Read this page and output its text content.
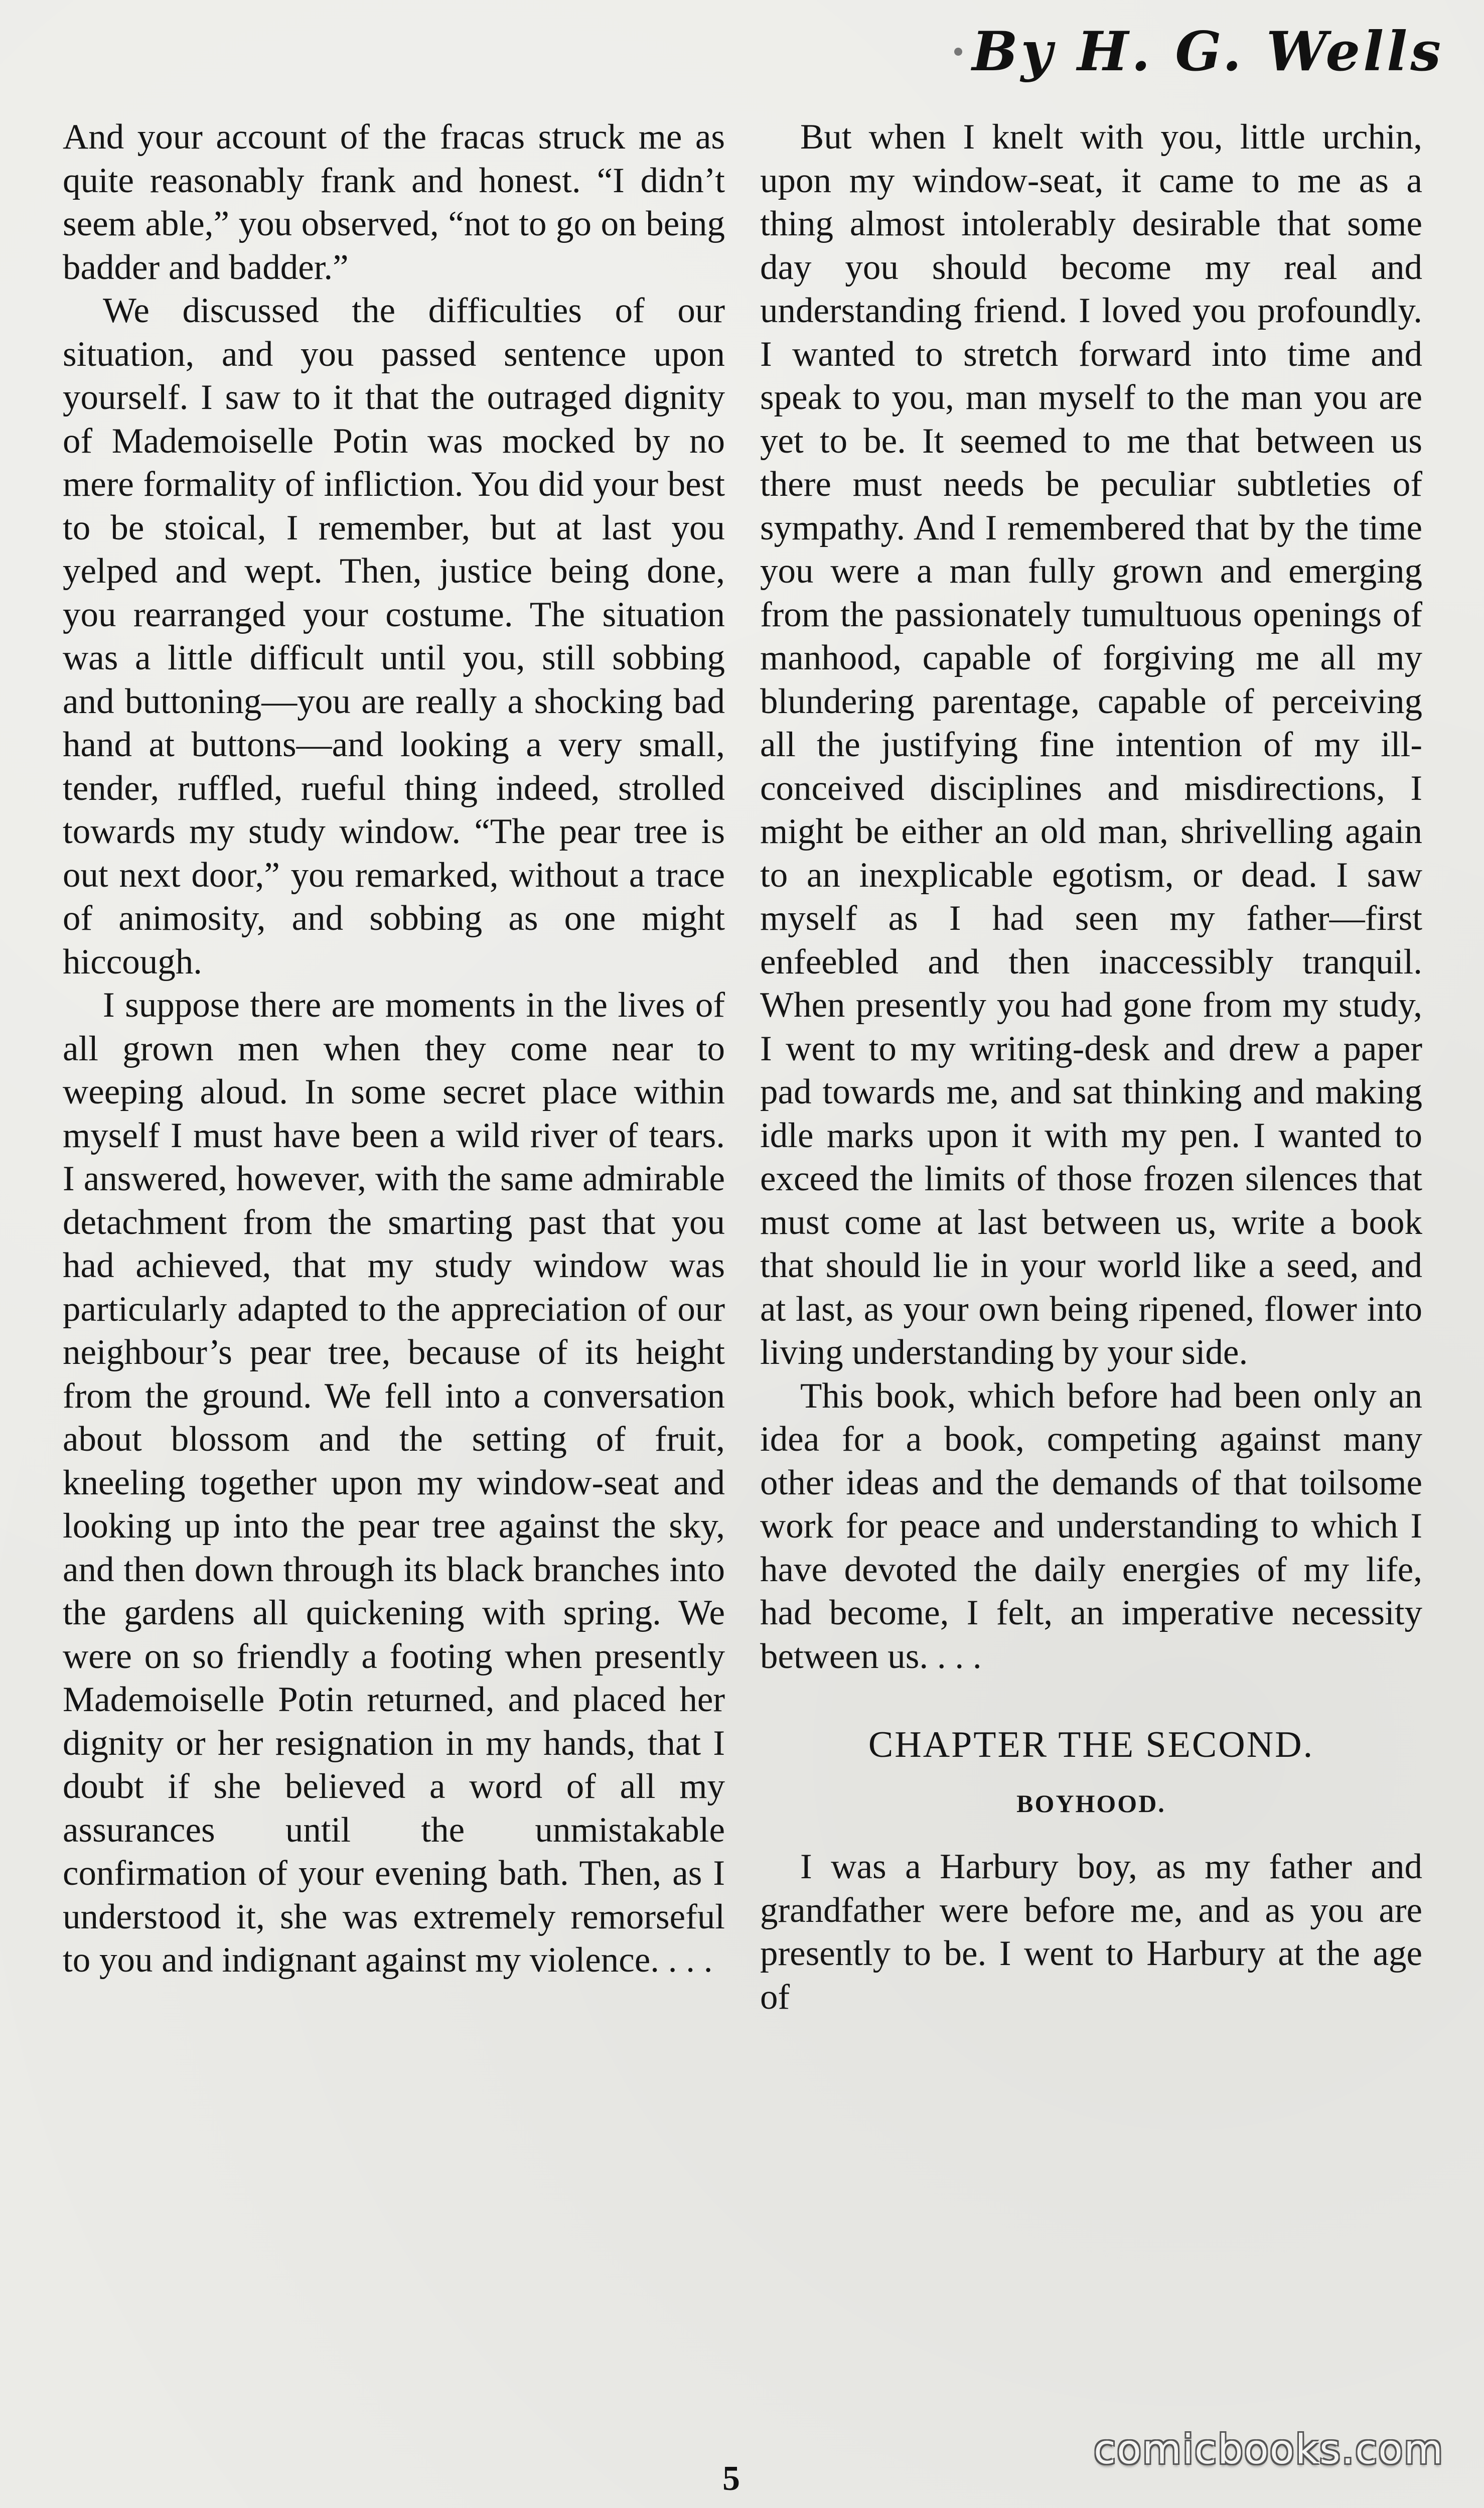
By H. G. Wells

And your account of the fracas struck me as quite reasonably frank and honest. “I didn’t seem able,” you observed, “not to go on being badder and badder.”

We discussed the difficulties of our situation, and you passed sentence upon yourself. I saw to it that the outraged dignity of Mademoiselle Potin was mocked by no mere formality of infliction. You did your best to be stoical, I remember, but at last you yelped and wept. Then, justice being done, you rearranged your costume. The situation was a little difficult until you, still sobbing and buttoning—you are really a shocking bad hand at buttons—and looking a very small, tender, ruffled, rueful thing indeed, strolled towards my study window. “The pear tree is out next door,” you remarked, without a trace of animosity, and sobbing as one might hiccough.

I suppose there are moments in the lives of all grown men when they come near to weeping aloud. In some secret place within myself I must have been a wild river of tears. I answered, however, with the same admirable detachment from the smarting past that you had achieved, that my study window was particularly adapted to the appreciation of our neighbour’s pear tree, because of its height from the ground. We fell into a conversation about blossom and the setting of fruit, kneeling together upon my window-seat and looking up into the pear tree against the sky, and then down through its black branches into the gardens all quickening with spring. We were on so friendly a footing when presently Mademoiselle Potin returned, and placed her dignity or her resignation in my hands, that I doubt if she believed a word of all my assurances until the unmistakable confirmation of your evening bath. Then, as I understood it, she was extremely remorseful to you and indignant against my violence. . . .

But when I knelt with you, little urchin, upon my window-seat, it came to me as a thing almost intolerably desirable that some day you should become my real and understanding friend. I loved you profoundly. I wanted to stretch forward into time and speak to you, man myself to the man you are yet to be. It seemed to me that between us there must needs be peculiar subtleties of sympathy. And I remembered that by the time you were a man fully grown and emerging from the passionately tumultuous openings of manhood, capable of forgiving me all my blundering parentage, capable of perceiving all the justifying fine intention of my ill-conceived disciplines and misdirections, I might be either an old man, shrivelling again to an inexplicable egotism, or dead. I saw myself as I had seen my father—first enfeebled and then inaccessibly tranquil. When presently you had gone from my study, I went to my writing-desk and drew a paper pad towards me, and sat thinking and making idle marks upon it with my pen. I wanted to exceed the limits of those frozen silences that must come at last between us, write a book that should lie in your world like a seed, and at last, as your own being ripened, flower into living understanding by your side.

This book, which before had been only an idea for a book, competing against many other ideas and the demands of that toilsome work for peace and understanding to which I have devoted the daily energies of my life, had become, I felt, an imperative necessity between us. . . .

CHAPTER THE SECOND.
BOYHOOD.

I was a Harbury boy, as my father and grandfather were before me, and as you are presently to be. I went to Harbury at the age of

5
comicbooks.com
